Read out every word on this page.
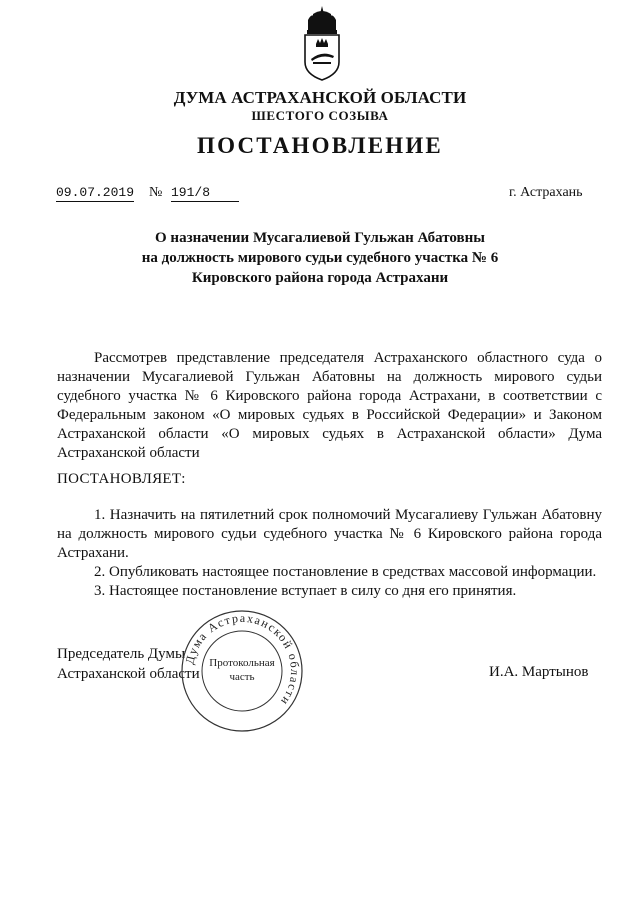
ДУМА АСТРАХАНСКОЙ ОБЛАСТИ
ШЕСТОГО СОЗЫВА
ПОСТАНОВЛЕНИЕ
09.07.2019 № 191/8	г. Астрахань
О назначении Мусагалиевой Гульжан Абатовны
на должность мирового судьи судебного участка № 6
Кировского района города Астрахани
Рассмотрев представление председателя Астраханского областного суда о назначении Мусагалиевой Гульжан Абатовны на должность мирового судьи судебного участка № 6 Кировского района города Астрахани, в соответствии с Федеральным законом «О мировых судьях в Российской Федерации» и Законом Астраханской области «О мировых судьях в Астраханской области» Дума Астраханской области
ПОСТАНОВЛЯЕТ:

1. Назначить на пятилетний срок полномочий Мусагалиеву Гульжан Абатовну на должность мирового судьи судебного участка № 6 Кировского района города Астрахани.

2. Опубликовать настоящее постановление в средствах массовой информации.

3. Настоящее постановление вступает в силу со дня его принятия.

Председатель Думы
Астраханской области	И.А. Мартынов
Дума Астраханской области
Протокольная
часть
